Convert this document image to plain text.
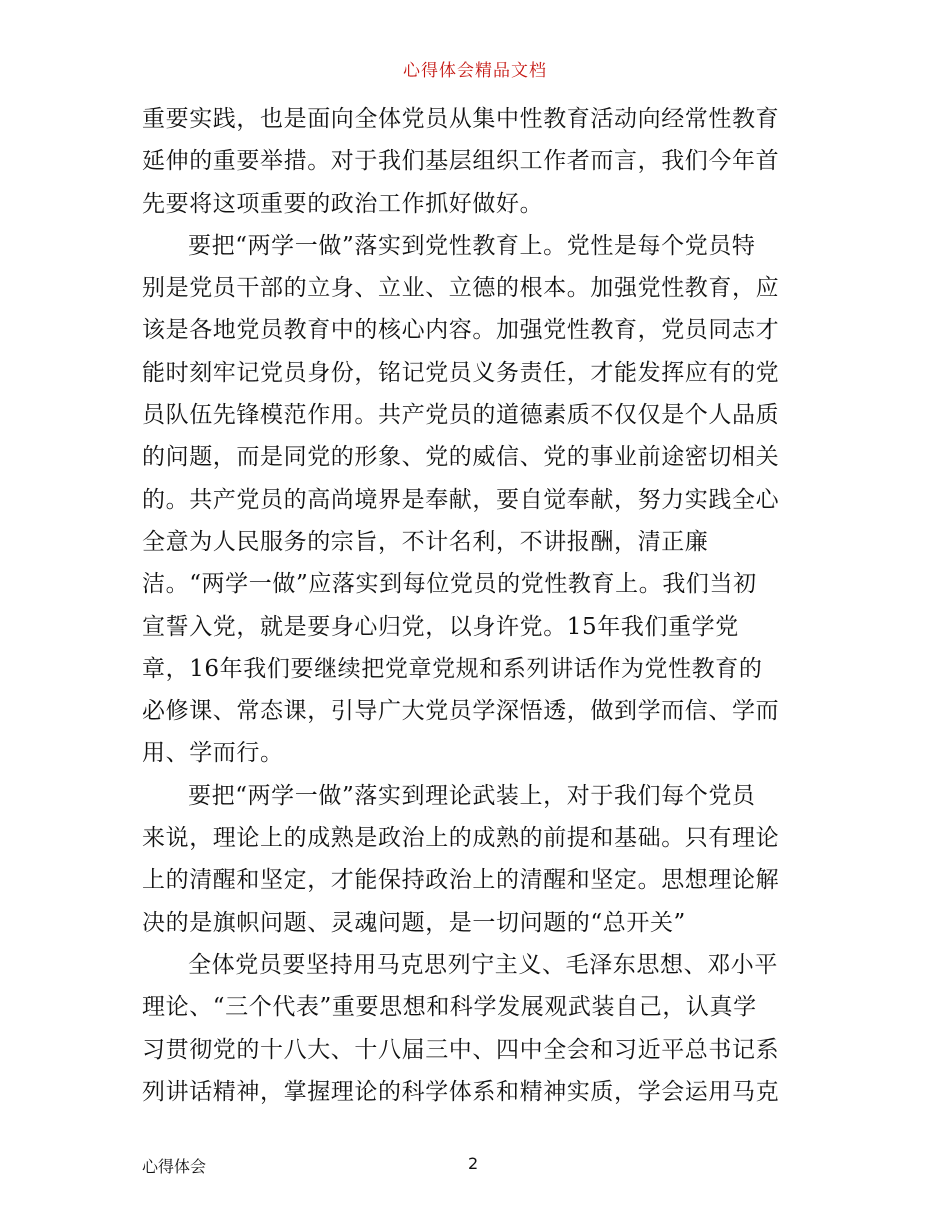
心得体会精品文档
重要实践，也是面向全体党员从集中性教育活动向经常性教育
延伸的重要举措。对于我们基层组织工作者而言，我们今年首
先要将这项重要的政治工作抓好做好。
要把“两学一做”落实到党性教育上。党性是每个党员特
别是党员干部的立身、立业、立德的根本。加强党性教育，应
该是各地党员教育中的核心内容。加强党性教育，党员同志才
能时刻牢记党员身份，铭记党员义务责任，才能发挥应有的党
员队伍先锋模范作用。共产党员的道德素质不仅仅是个人品质
的问题，而是同党的形象、党的威信、党的事业前途密切相关
的。共产党员的高尚境界是奉献，要自觉奉献，努力实践全心
全意为人民服务的宗旨，不计名利，不讲报酬，清正廉
洁。“两学一做”应落实到每位党员的党性教育上。我们当初
宣誓入党，就是要身心归党，以身许党。15年我们重学党
章，16年我们要继续把党章党规和系列讲话作为党性教育的
必修课、常态课，引导广大党员学深悟透，做到学而信、学而
用、学而行。
要把“两学一做”落实到理论武装上，对于我们每个党员
来说，理论上的成熟是政治上的成熟的前提和基础。只有理论
上的清醒和坚定，才能保持政治上的清醒和坚定。思想理论解
决的是旗帜问题、灵魂问题，是一切问题的“总开关”
全体党员要坚持用马克思列宁主义、毛泽东思想、邓小平
理论、“三个代表”重要思想和科学发展观武装自己，认真学
习贯彻党的十八大、十八届三中、四中全会和习近平总书记系
列讲话精神，掌握理论的科学体系和精神实质，学会运用马克
心得体会	2
